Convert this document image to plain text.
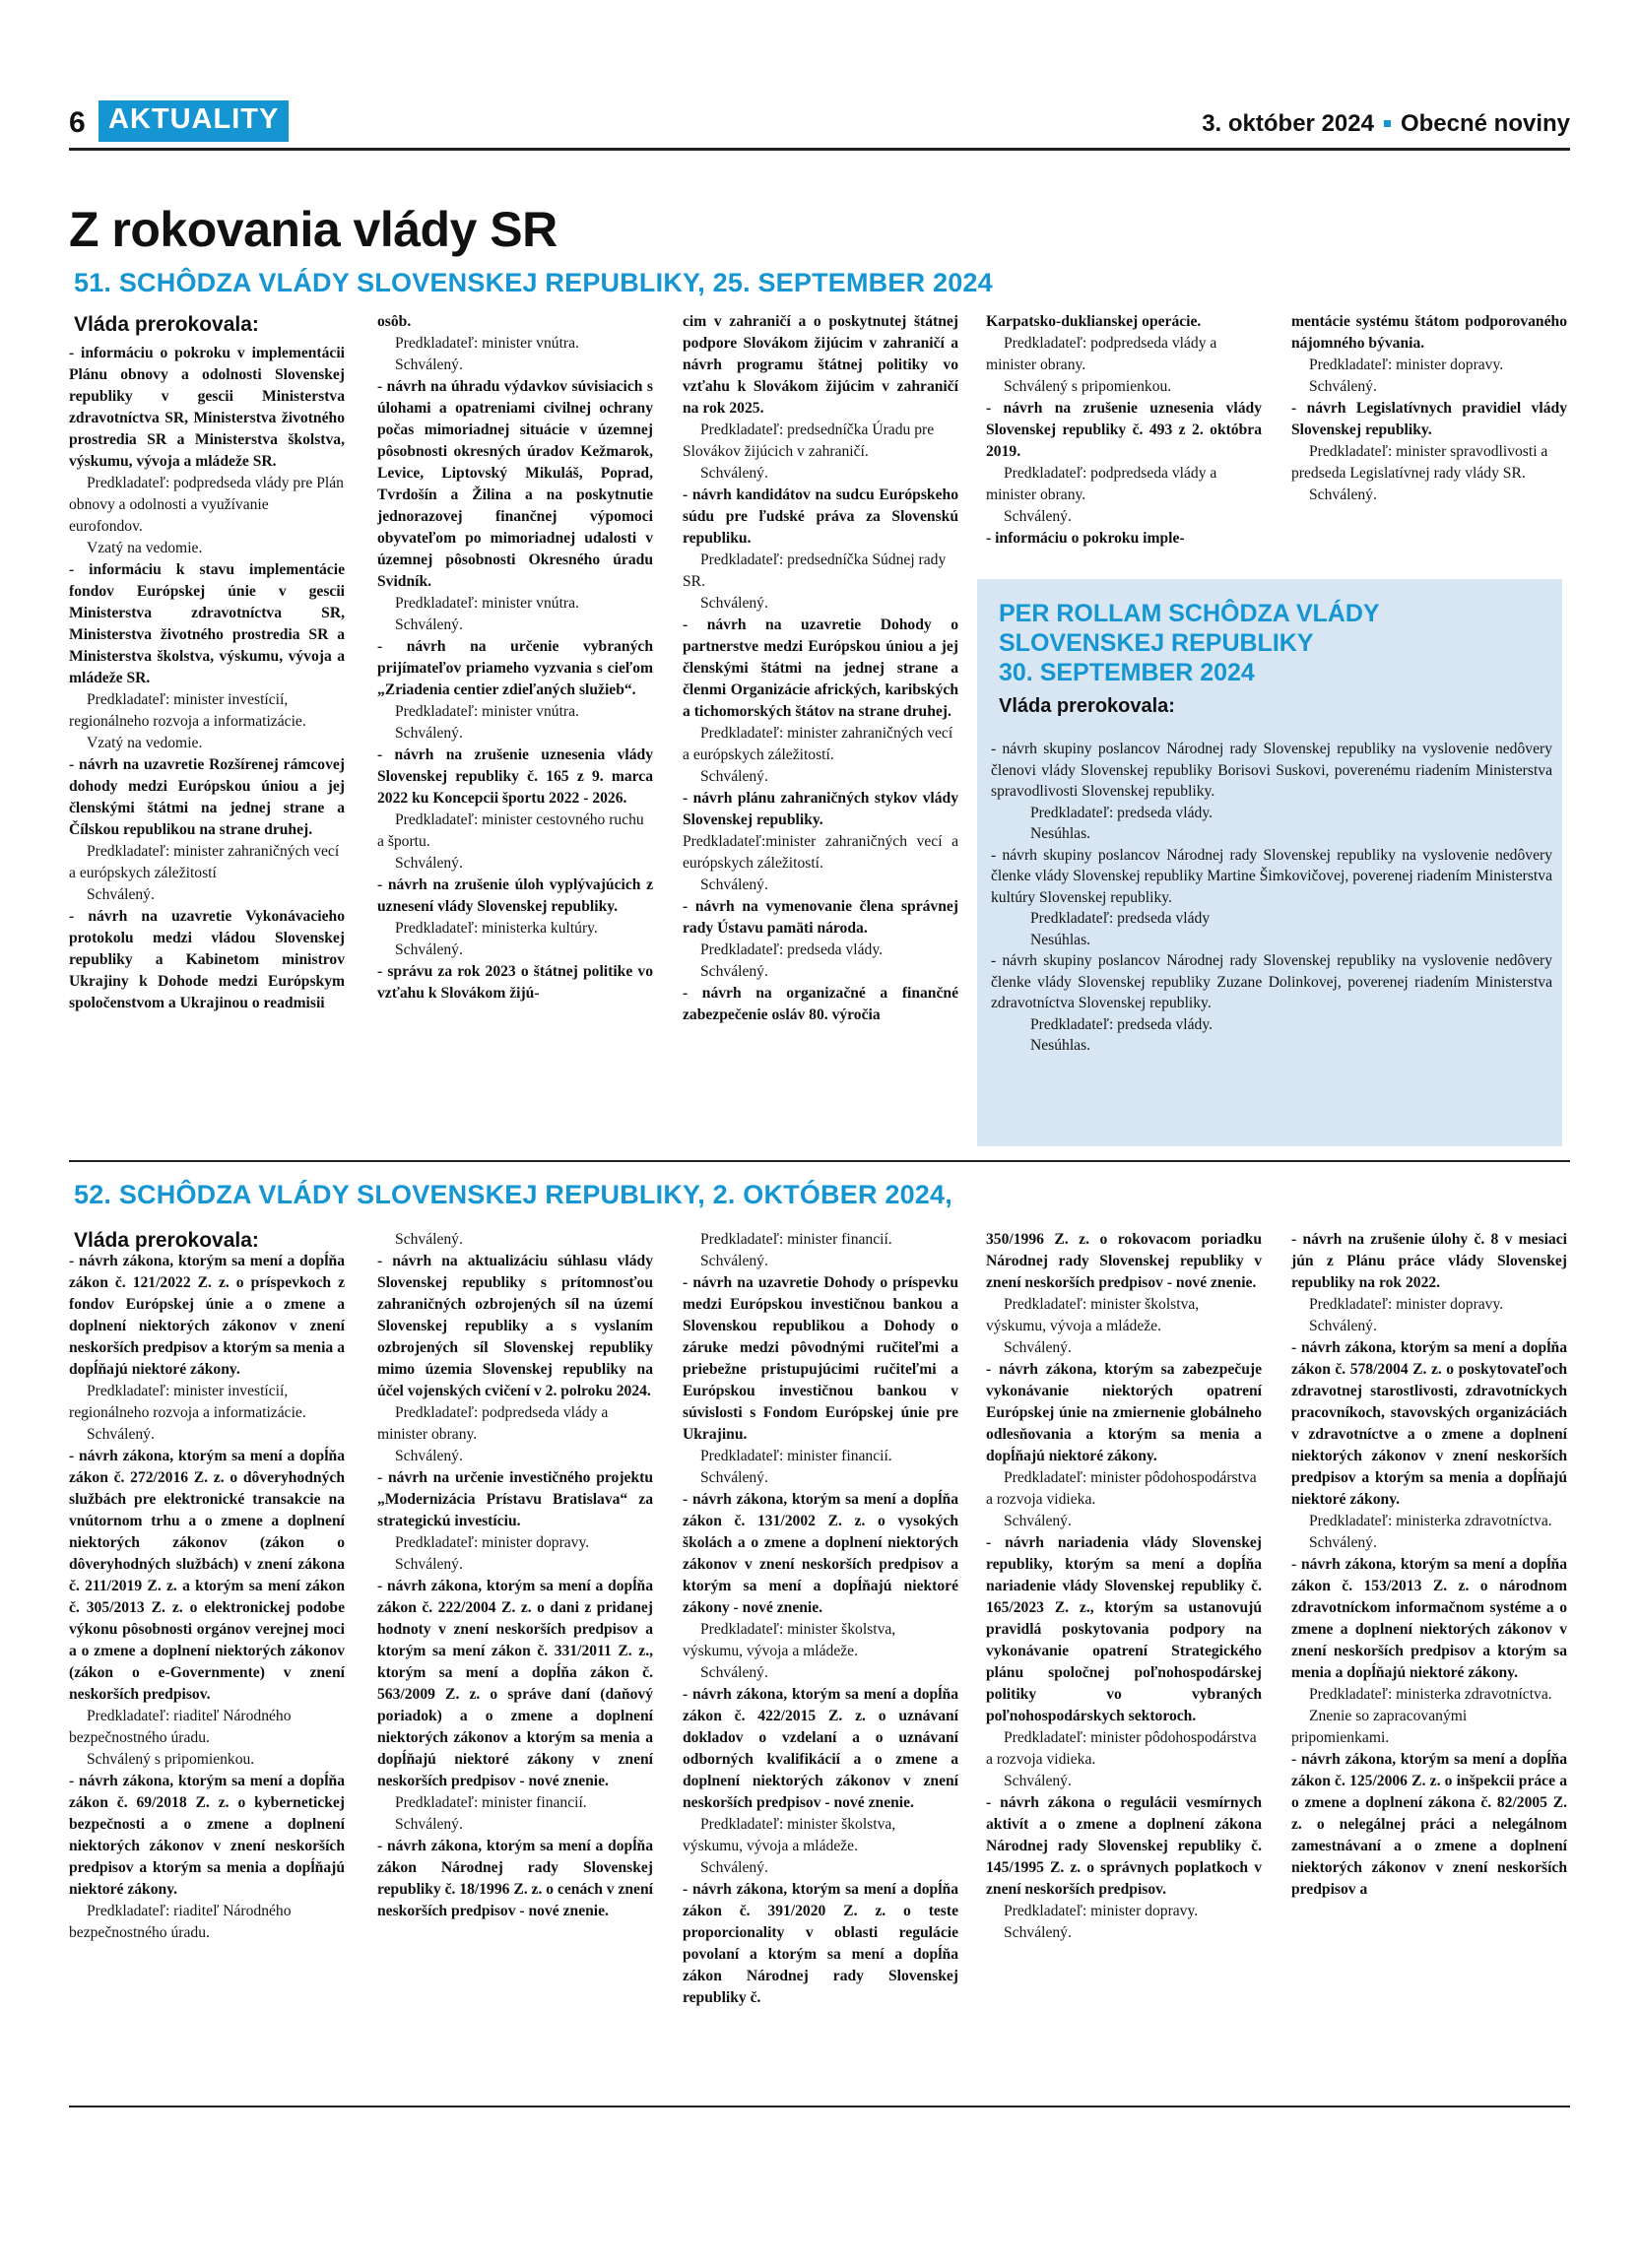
6 AKTUALITY	3. október 2024 Obecné noviny
Z rokovania vlády SR
51. SCHÔDZA VLÁDY SLOVENSKEJ REPUBLIKY, 25. SEPTEMBER 2024
Vláda prerokovala:

- informáciu o pokroku v implementácii Plánu obnovy a odolnosti Slovenskej republiky v gescii Ministerstva zdravotníctva SR, Ministerstva životného prostredia SR a Ministerstva školstva, výskumu, vývoja a mládeže SR.

Predkladateľ: podpredseda vlády pre Plán obnovy a odolnosti a využívanie eurofondov.

Vzatý na vedomie.

- informáciu k stavu implementácie fondov Európskej únie v gescii Ministerstva zdravotníctva SR, Ministerstva životného prostredia SR a Ministerstva školstva, výskumu, vývoja a mládeže SR.

Predkladateľ: minister investícií, regionálneho rozvoja a informatizácie.

Vzatý na vedomie.

- návrh na uzavretie Rozšírenej rámcovej dohody medzi Európskou úniou a jej členskými štátmi na jednej strane a Čílskou republikou na strane druhej.

Predkladateľ: minister zahraničných vecí a európskych záležitostí

Schválený.

- návrh na uzavretie Vykonávacieho protokolu medzi vládou Slovenskej republiky a Kabinetom ministrov Ukrajiny k Dohode medzi Európskym spoločenstvom a Ukrajinou o readmisii

osôb.

Predkladateľ: minister vnútra.

Schválený.

- návrh na úhradu výdavkov súvisiacich s úlohami a opatreniami civilnej ochrany počas mimoriadnej situácie v územnej pôsobnosti okresných úradov Kežmarok, Levice, Liptovský Mikuláš, Poprad, Tvrdošín a Žilina a na poskytnutie jednorazovej finančnej výpomoci obyvateľom po mimoriadnej udalosti v územnej pôsobnosti Okresného úradu Svidník.

Predkladateľ: minister vnútra.

Schválený.

- návrh na určenie vybraných prijímateľov priameho vyzvania s cieľom „Zriadenia centier zdieľaných služieb“.

Predkladateľ: minister vnútra.

Schválený.

- návrh na zrušenie uznesenia vlády Slovenskej republiky č. 165 z 9. marca 2022 ku Koncepcii športu 2022 - 2026.

Predkladateľ: minister cestovného ruchu a športu.

Schválený.

- návrh na zrušenie úloh vyplývajúcich z uznesení vlády Slovenskej republiky.

Predkladateľ: ministerka kultúry.

Schválený.

- správu za rok 2023 o štátnej politike vo vzťahu k Slovákom žijú-

cim v zahraničí a o poskytnutej štátnej podpore Slovákom žijúcim v zahraničí a návrh programu štátnej politiky vo vzťahu k Slovákom žijúcim v zahraničí na rok 2025.

Predkladateľ: predsedníčka Úradu pre Slovákov žijúcich v zahraničí.

Schválený.

- návrh kandidátov na sudcu Európskeho súdu pre ľudské práva za Slovenskú republiku.

Predkladateľ: predsedníčka Súdnej rady SR.

Schválený.

- návrh na uzavretie Dohody o partnerstve medzi Európskou úniou a jej členskými štátmi na jednej strane a členmi Organizácie afrických, karibských a tichomorských štátov na strane druhej.

Predkladateľ: minister zahraničných vecí a európskych záležitostí.

Schválený.

- návrh plánu zahraničných stykov vlády Slovenskej republiky.

Predkladateľ:minister zahraničných vecí a európskych záležitostí.

Schválený.

- návrh na vymenovanie člena správnej rady Ústavu pamäti národa.

Predkladateľ: predseda vlády.

Schválený.

- návrh na organizačné a finančné zabezpečenie osláv 80. výročia

Karpatsko-duklianskej operácie.

Predkladateľ: podpredseda vlády a minister obrany.

Schválený s pripomienkou.

- návrh na zrušenie uznesenia vlády Slovenskej republiky č. 493 z 2. októbra 2019.

Predkladateľ: podpredseda vlády a minister obrany.

Schválený.

- informáciu o pokroku imple-

mentácie systému štátom podporovaného nájomného bývania.

Predkladateľ: minister dopravy.

Schválený.

- návrh Legislatívnych pravidiel vlády Slovenskej republiky.

Predkladateľ: minister spravodlivosti a predseda Legislatívnej rady vlády SR.

Schválený.

PER ROLLAM SCHÔDZA VLÁDY
SLOVENSKEJ REPUBLIKY
30. SEPTEMBER 2024
Vláda prerokovala:

- návrh skupiny poslancov Národnej rady Slovenskej republiky na vyslovenie nedôvery členovi vlády Slovenskej republiky Borisovi Suskovi, poverenému riadením Ministerstva spravodlivosti Slovenskej republiky.

Predkladateľ: predseda vlády.

Nesúhlas.

- návrh skupiny poslancov Národnej rady Slovenskej republiky na vyslovenie nedôvery členke vlády Slovenskej republiky Martine Šimkovičovej, poverenej riadením Ministerstva kultúry Slovenskej republiky.

Predkladateľ: predseda vlády

Nesúhlas.

- návrh skupiny poslancov Národnej rady Slovenskej republiky na vyslovenie nedôvery členke vlády Slovenskej republiky Zuzane Dolinkovej, poverenej riadením Ministerstva zdravotníctva Slovenskej republiky.

Predkladateľ: predseda vlády.

Nesúhlas.

52. SCHÔDZA VLÁDY SLOVENSKEJ REPUBLIKY, 2. OKTÓBER 2024,
Vláda prerokovala:

- návrh zákona, ktorým sa mení a dopĺňa zákon č. 121/2022 Z. z. o príspevkoch z fondov Európskej únie a o zmene a doplnení niektorých zákonov v znení neskorších predpisov a ktorým sa menia a dopĺňajú niektoré zákony.

Predkladateľ: minister investícií, regionálneho rozvoja a informatizácie.

Schválený.

- návrh zákona, ktorým sa mení a dopĺňa zákon č. 272/2016 Z. z. o dôveryhodných službách pre elektronické transakcie na vnútornom trhu a o zmene a doplnení niektorých zákonov (zákon o dôveryhodných službách) v znení zákona č. 211/2019 Z. z. a ktorým sa mení zákon č. 305/2013 Z. z. o elektronickej podobe výkonu pôsobnosti orgánov verejnej moci a o zmene a doplnení niektorých zákonov (zákon o e-Governmente) v znení neskorších predpisov.

Predkladateľ: riaditeľ Národného bezpečnostného úradu.

Schválený s pripomienkou.

- návrh zákona, ktorým sa mení a dopĺňa zákon č. 69/2018 Z. z. o kybernetickej bezpečnosti a o zmene a doplnení niektorých zákonov v znení neskorších predpisov a ktorým sa menia a dopĺňajú niektoré zákony.

Predkladateľ: riaditeľ Národného bezpečnostného úradu.

Schválený.

- návrh na aktualizáciu súhlasu vlády Slovenskej republiky s prítomnosťou zahraničných ozbrojených síl na území Slovenskej republiky a s vyslaním ozbrojených síl Slovenskej republiky mimo územia Slovenskej republiky na účel vojenských cvičení v 2. polroku 2024.

Predkladateľ: podpredseda vlády a minister obrany.

Schválený.

- návrh na určenie investičného projektu „Modernizácia Prístavu Bratislava“ za strategickú investíciu.

Predkladateľ: minister dopravy.

Schválený.

- návrh zákona, ktorým sa mení a dopĺňa zákon č. 222/2004 Z. z. o dani z pridanej hodnoty v znení neskorších predpisov a ktorým sa mení zákon č. 331/2011 Z. z., ktorým sa mení a dopĺňa zákon č. 563/2009 Z. z. o správe daní (daňový poriadok) a o zmene a doplnení niektorých zákonov a ktorým sa menia a dopĺňajú niektoré zákony v znení neskorších predpisov - nové znenie.

Predkladateľ: minister financií.

Schválený.

- návrh zákona, ktorým sa mení a dopĺňa zákon Národnej rady Slovenskej republiky č. 18/1996 Z. z. o cenách v znení neskorších predpisov - nové znenie.

Predkladateľ: minister financií.

Schválený.

- návrh na uzavretie Dohody o príspevku medzi Európskou investičnou bankou a Slovenskou republikou a Dohody o záruke medzi pôvodnými ručiteľmi a priebežne pristupujúcimi ručiteľmi a Európskou investičnou bankou v súvislosti s Fondom Európskej únie pre Ukrajinu.

Predkladateľ: minister financií.

Schválený.

- návrh zákona, ktorým sa mení a dopĺňa zákon č. 131/2002 Z. z. o vysokých školách a o zmene a doplnení niektorých zákonov v znení neskorších predpisov a ktorým sa mení a dopĺňajú niektoré zákony - nové znenie.

Predkladateľ: minister školstva, výskumu, vývoja a mládeže.

Schválený.

- návrh zákona, ktorým sa mení a dopĺňa zákon č. 422/2015 Z. z. o uznávaní dokladov o vzdelaní a o uznávaní odborných kvalifikácií a o zmene a doplnení niektorých zákonov v znení neskorších predpisov - nové znenie.

Predkladateľ: minister školstva, výskumu, vývoja a mládeže.

Schválený.

- návrh zákona, ktorým sa mení a dopĺňa zákon č. 391/2020 Z. z. o teste proporcionality v oblasti regulácie povolaní a ktorým sa mení a dopĺňa zákon Národnej rady Slovenskej republiky č.

350/1996 Z. z. o rokovacom poriadku Národnej rady Slovenskej republiky v znení neskorších predpisov - nové znenie.

Predkladateľ: minister školstva, výskumu, vývoja a mládeže.

Schválený.

- návrh zákona, ktorým sa zabezpečuje vykonávanie niektorých opatrení Európskej únie na zmiernenie globálneho odlesňovania a ktorým sa menia a dopĺňajú niektoré zákony.

Predkladateľ: minister pôdohospodárstva a rozvoja vidieka.

Schválený.

- návrh nariadenia vlády Slovenskej republiky, ktorým sa mení a dopĺňa nariadenie vlády Slovenskej republiky č. 165/2023 Z. z., ktorým sa ustanovujú pravidlá poskytovania podpory na vykonávanie opatrení Strategického plánu spoločnej poľnohospodárskej politiky vo vybraných poľnohospodárskych sektoroch.

Predkladateľ: minister pôdohospodárstva a rozvoja vidieka.

Schválený.

- návrh zákona o regulácii vesmírnych aktivít a o zmene a doplnení zákona Národnej rady Slovenskej republiky č. 145/1995 Z. z. o správnych poplatkoch v znení neskorších predpisov.

Predkladateľ: minister dopravy.

Schválený.

- návrh na zrušenie úlohy č. 8 v mesiaci jún z Plánu práce vlády Slovenskej republiky na rok 2022.

Predkladateľ: minister dopravy.

Schválený.

- návrh zákona, ktorým sa mení a dopĺňa zákon č. 578/2004 Z. z. o poskytovateľoch zdravotnej starostlivosti, zdravotníckych pracovníkoch, stavovských organizáciách v zdravotníctve a o zmene a doplnení niektorých zákonov v znení neskorších predpisov a ktorým sa menia a dopĺňajú niektoré zákony.

Predkladateľ: ministerka zdravotníctva.

Schválený.

- návrh zákona, ktorým sa mení a dopĺňa zákon č. 153/2013 Z. z. o národnom zdravotníckom informačnom systéme a o zmene a doplnení niektorých zákonov v znení neskorších predpisov a ktorým sa menia a dopĺňajú niektoré zákony.

Predkladateľ: ministerka zdravotníctva.

Znenie so zapracovanými pripomienkami.

- návrh zákona, ktorým sa mení a dopĺňa zákon č. 125/2006 Z. z. o inšpekcii práce a o zmene a doplnení zákona č. 82/2005 Z. z. o nelegálnej práci a nelegálnom zamestnávaní a o zmene a doplnení niektorých zákonov v znení neskorších predpisov a
